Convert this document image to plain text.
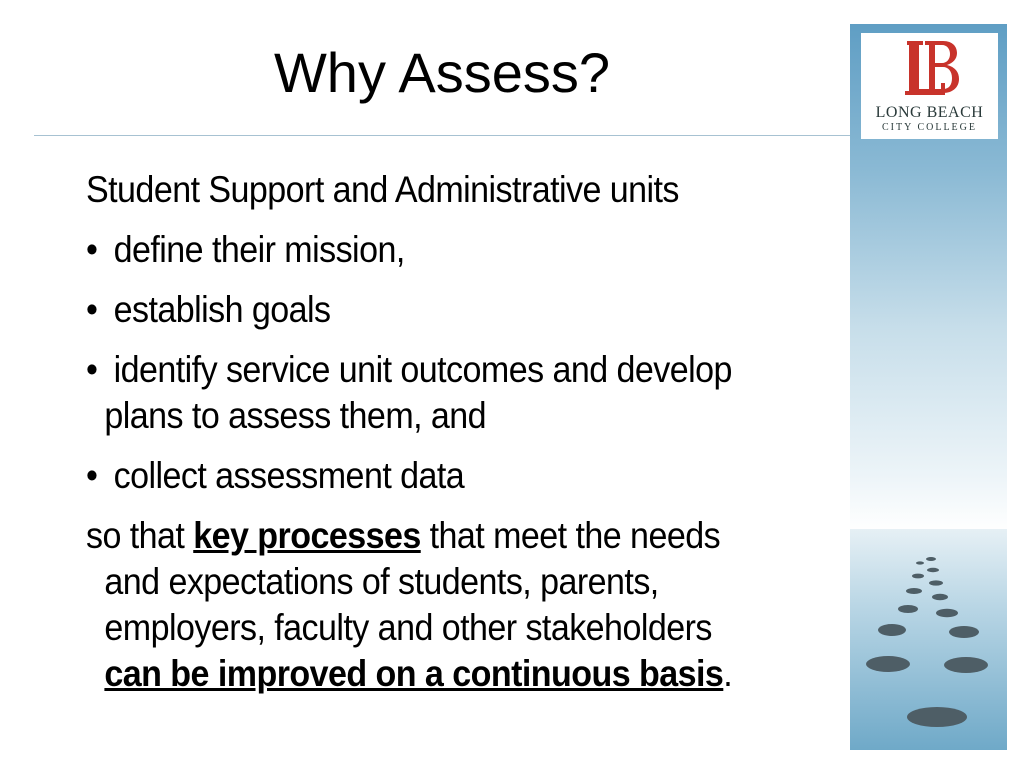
Why Assess?
LONG BEACH
CITY COLLEGE

Student Support and Administrative units

• define their mission,

• establish goals

• identify service unit outcomes and develop plans to assess them, and

• collect assessment data

so that key processes that meet the needs and expectations of students, parents, employers, faculty and other stakeholders can be improved on a continuous basis.
